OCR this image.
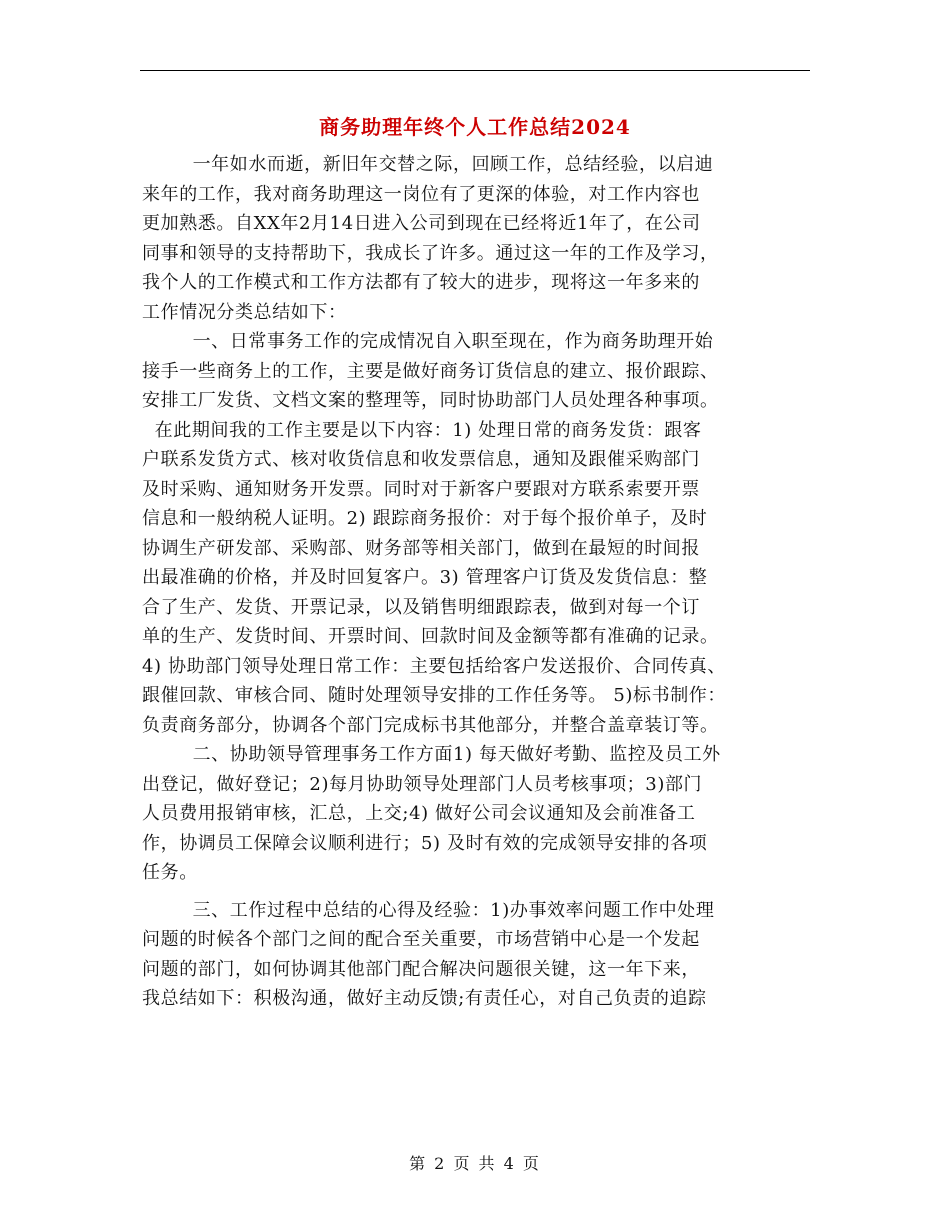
商务助理年终个人工作总结2024
一年如水而逝，新旧年交替之际，回顾工作，总结经验，以启迪
来年的工作，我对商务助理这一岗位有了更深的体验，对工作内容也
更加熟悉。自XX年2月14日进入公司到现在已经将近1年了，在公司
同事和领导的支持帮助下，我成长了许多。通过这一年的工作及学习，
我个人的工作模式和工作方法都有了较大的进步，现将这一年多来的
工作情况分类总结如下：
一、日常事务工作的完成情况自入职至现在，作为商务助理开始
接手一些商务上的工作，主要是做好商务订货信息的建立、报价跟踪、
安排工厂发货、文档文案的整理等，同时协助部门人员处理各种事项。
在此期间我的工作主要是以下内容：1) 处理日常的商务发货：跟客
户联系发货方式、核对收货信息和收发票信息，通知及跟催采购部门
及时采购、通知财务开发票。同时对于新客户要跟对方联系索要开票
信息和一般纳税人证明。2) 跟踪商务报价：对于每个报价单子，及时
协调生产研发部、采购部、财务部等相关部门，做到在最短的时间报
出最准确的价格，并及时回复客户。3) 管理客户订货及发货信息：整
合了生产、发货、开票记录，以及销售明细跟踪表，做到对每一个订
单的生产、发货时间、开票时间、回款时间及金额等都有准确的记录。
4) 协助部门领导处理日常工作：主要包括给客户发送报价、合同传真、
跟催回款、审核合同、随时处理领导安排的工作任务等。 5)标书制作：
负责商务部分，协调各个部门完成标书其他部分，并整合盖章装订等。
二、协助领导管理事务工作方面1) 每天做好考勤、监控及员工外
出登记，做好登记；2)每月协助领导处理部门人员考核事项；3)部门
人员费用报销审核，汇总，上交;4) 做好公司会议通知及会前准备工
作，协调员工保障会议顺利进行；5) 及时有效的完成领导安排的各项
任务。
三、工作过程中总结的心得及经验：1)办事效率问题工作中处理
问题的时候各个部门之间的配合至关重要，市场营销中心是一个发起
问题的部门，如何协调其他部门配合解决问题很关键，这一年下来，
我总结如下：积极沟通，做好主动反馈;有责任心，对自己负责的追踪
第 2 页 共 4 页
